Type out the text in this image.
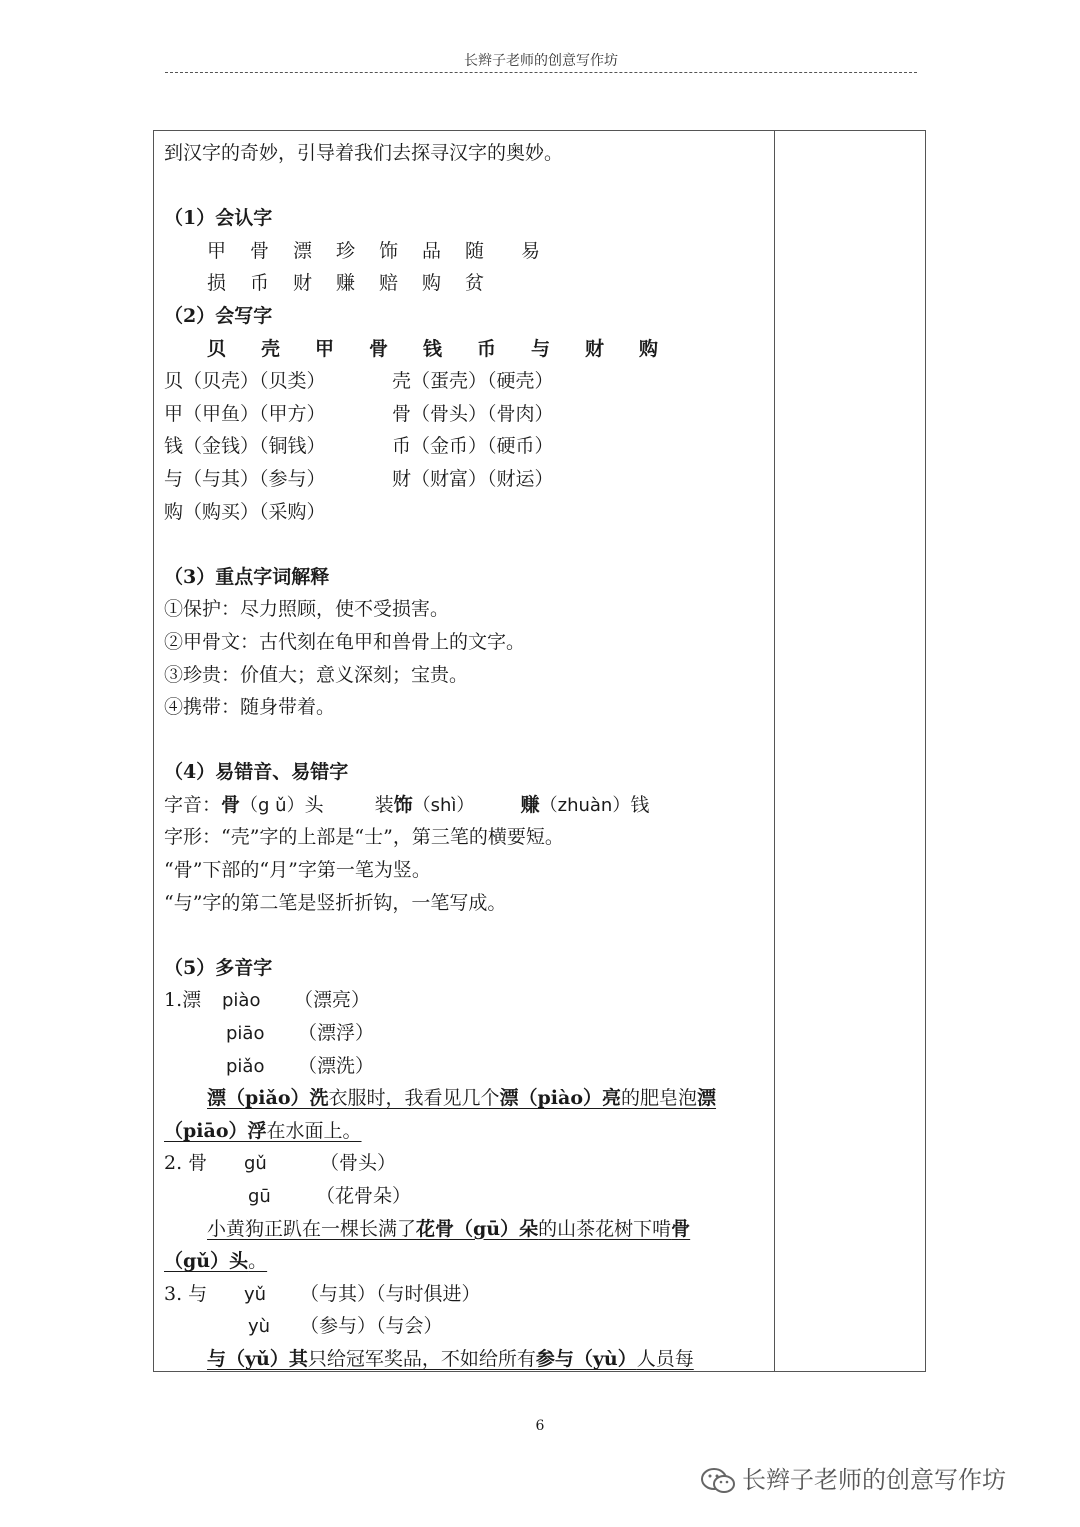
长辫子老师的创意写作坊
到汉字的奇妙，引导着我们去探寻汉字的奥妙。
（1）会认字
甲 骨 漂 珍 饰 品 随 易
损 币 财 赚 赔 购 贫
（2）会写字
贝 壳 甲 骨 钱 币 与 财 购
贝（贝壳）（贝类）	壳（蛋壳）（硬壳）
甲（甲鱼）（甲方）	骨（骨头）（骨肉）
钱（金钱）（铜钱）	币（金币）（硬币）
与（与其）（参与）	财（财富）（财运）
购（购买）（采购）
（3）重点字词解释
①保护：尽力照顾，使不受损害。
②甲骨文：古代刻在龟甲和兽骨上的文字。
③珍贵：价值大；意义深刻；宝贵。
④携带：随身带着。
（4）易错音、易错字
字音：骨（g ǔ）头	装饰（shì） 赚（zhuàn）钱
字形：“壳”字的上部是“士”，第三笔的横要短。
“骨”下部的“月”字第一笔为竖。
“与”字的第二笔是竖折折钩，一笔写成。
（5）多音字
1.漂 piào （漂亮）
piāo （漂浮）
piǎo （漂洗）
漂（piǎo）洗衣服时，我看见几个漂（piào）亮的肥皂泡漂
（piāo）浮在水面上。
2. 骨 gǔ	（骨头）
gū （花骨朵）
小黄狗正趴在一棵长满了花骨（gū）朵的山茶花树下啃骨
（gǔ）头。
3. 与 yǔ （与其）（与时俱进）
yù （参与）（与会）
与（yǔ）其只给冠军奖品，不如给所有参与（yù）人员每
6
长辫子老师的创意写作坊
